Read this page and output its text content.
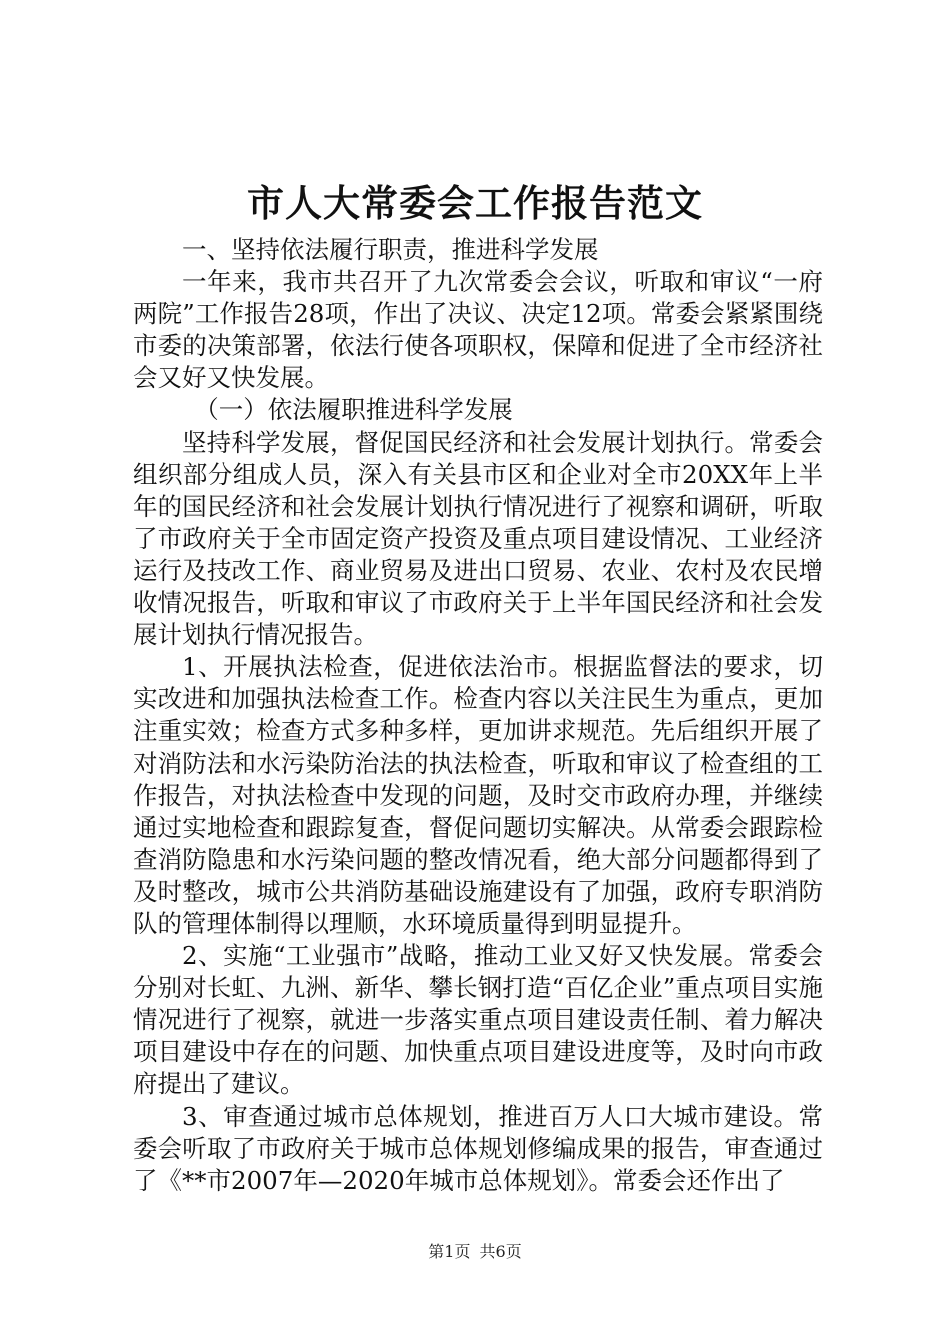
市人大常委会工作报告范文

一、坚持依法履行职责，推进科学发展

一年来，我市共召开了九次常委会会议，听取和审议“一府两院”工作报告28项，作出了决议、决定12项。常委会紧紧围绕市委的决策部署，依法行使各项职权，保障和促进了全市经济社会又好又快发展。

（一）依法履职推进科学发展

坚持科学发展，督促国民经济和社会发展计划执行。常委会组织部分组成人员，深入有关县市区和企业对全市20XX年上半年的国民经济和社会发展计划执行情况进行了视察和调研，听取了市政府关于全市固定资产投资及重点项目建设情况、工业经济运行及技改工作、商业贸易及进出口贸易、农业、农村及农民增收情况报告，听取和审议了市政府关于上半年国民经济和社会发展计划执行情况报告。

1、开展执法检查，促进依法治市。根据监督法的要求，切实改进和加强执法检查工作。检查内容以关注民生为重点，更加注重实效；检查方式多种多样，更加讲求规范。先后组织开展了对消防法和水污染防治法的执法检查，听取和审议了检查组的工作报告，对执法检查中发现的问题，及时交市政府办理，并继续通过实地检查和跟踪复查，督促问题切实解决。从常委会跟踪检查消防隐患和水污染问题的整改情况看，绝大部分问题都得到了及时整改，城市公共消防基础设施建设有了加强，政府专职消防队的管理体制得以理顺，水环境质量得到明显提升。

2、实施“工业强市”战略，推动工业又好又快发展。常委会分别对长虹、九洲、新华、攀长钢打造“百亿企业”重点项目实施情况进行了视察，就进一步落实重点项目建设责任制、着力解决项目建设中存在的问题、加快重点项目建设进度等，及时向市政府提出了建议。

3、审查通过城市总体规划，推进百万人口大城市建设。常委会听取了市政府关于城市总体规划修编成果的报告，审查通过了《**市2007年—2020年城市总体规划》。常委会还作出了

第1页 共6页
